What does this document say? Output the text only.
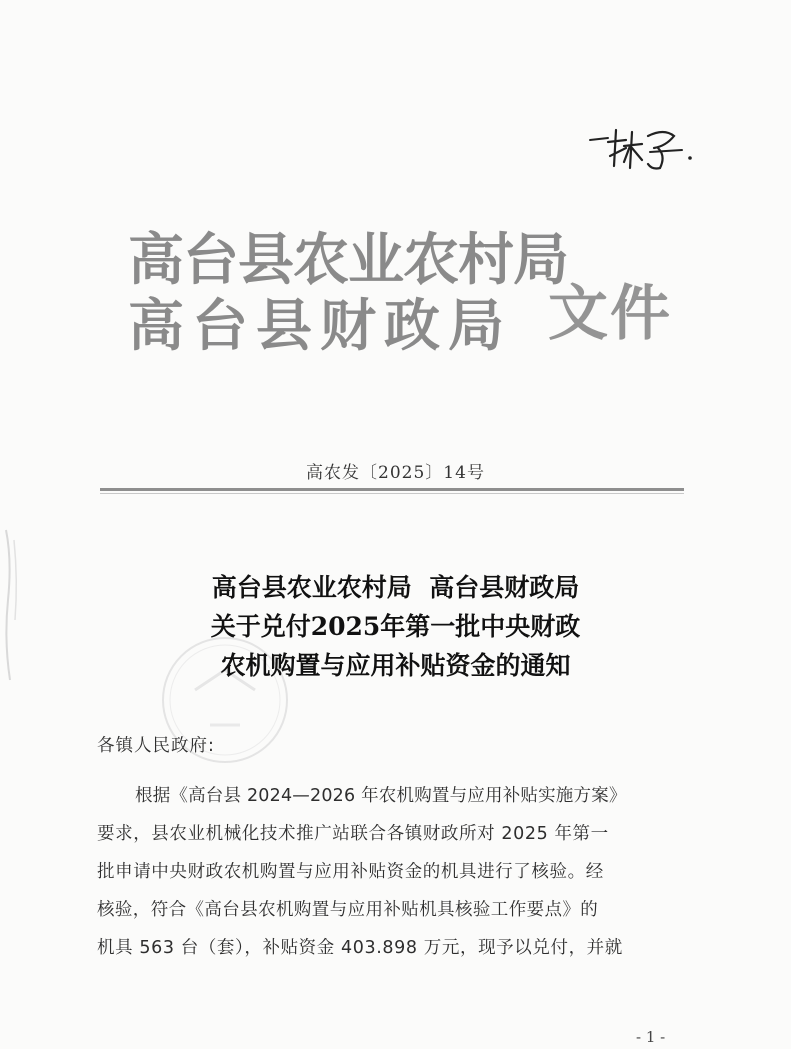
高台县农业农村局
高台县财政局 文件
高农发〔2025〕14号
高台县农业农村局  高台县财政局
关于兑付2025年第一批中央财政
农机购置与应用补贴资金的通知
各镇人民政府:
根据《高台县 2024—2026 年农机购置与应用补贴实施方案》
要求，县农业机械化技术推广站联合各镇财政所对 2025 年第一
批申请中央财政农机购置与应用补贴资金的机具进行了核验。经
核验，符合《高台县农机购置与应用补贴机具核验工作要点》的
机具 563 台（套），补贴资金 403.898 万元，现予以兑付，并就
- 1 -
